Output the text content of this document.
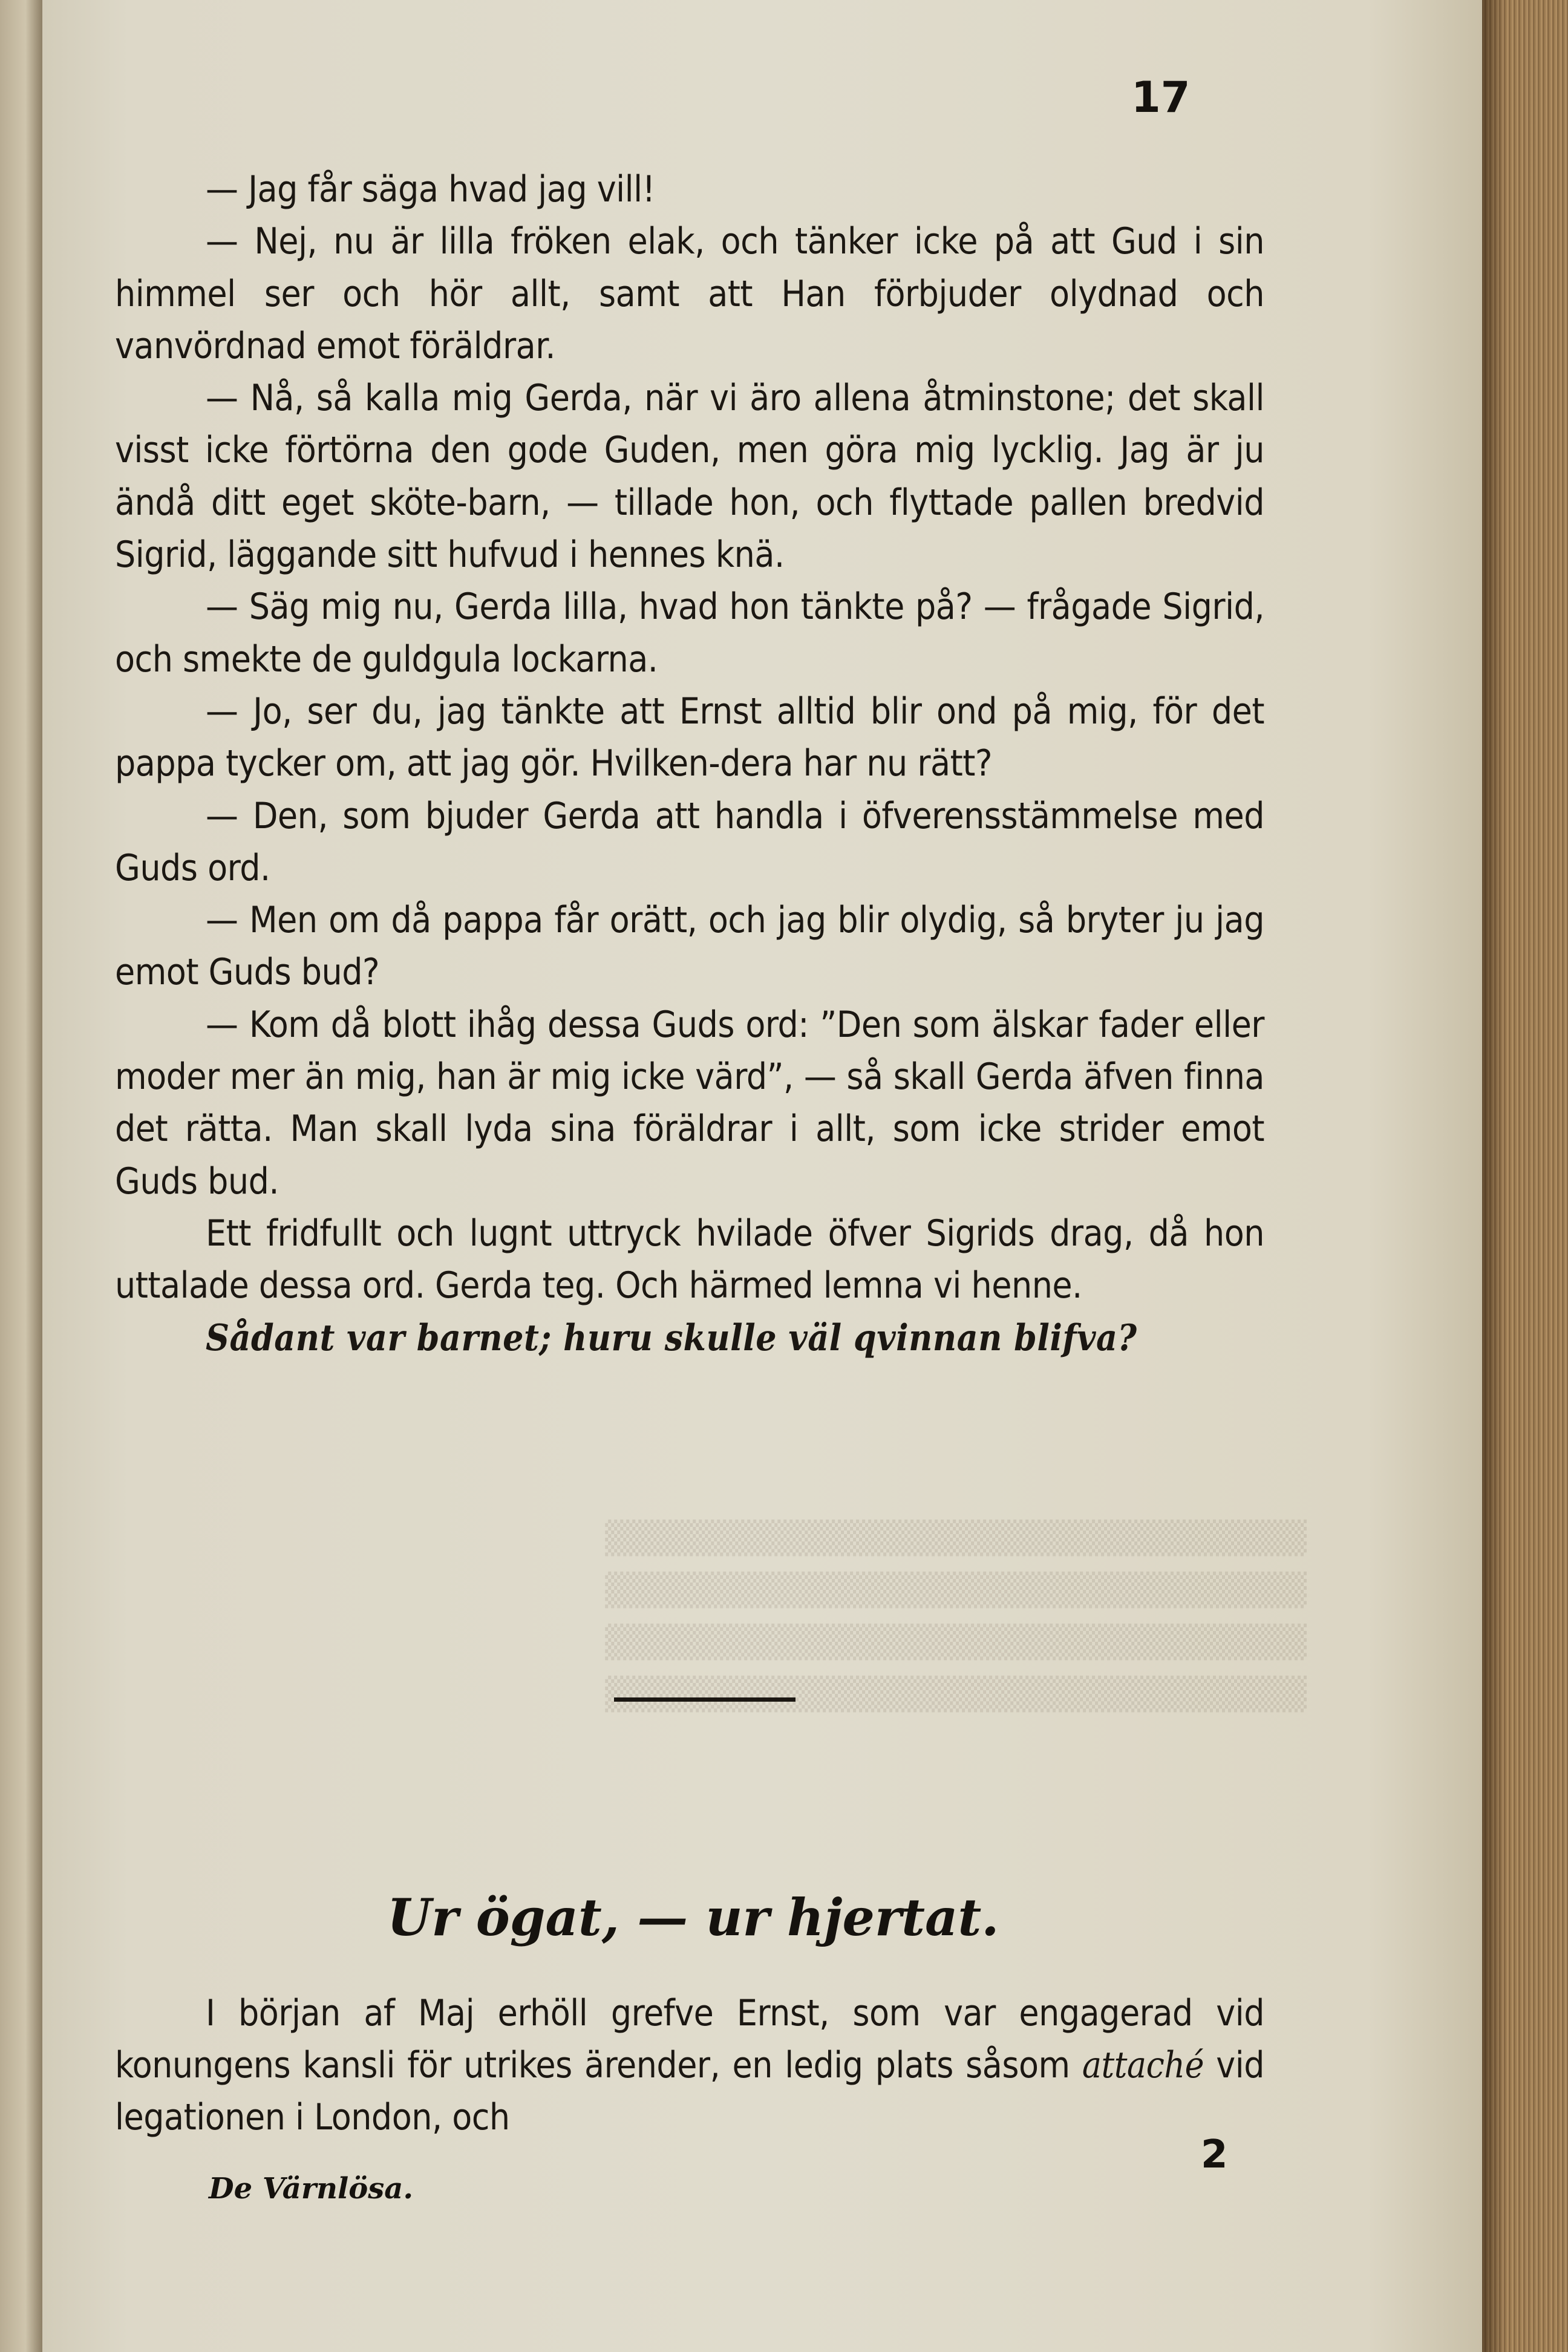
▒▒▒▒▒▒▒▒▒▒▒▒▒▒▒▒▒▒▒▒▒▒▒▒▒▒▒▒▒
▒▒▒▒▒▒▒▒▒▒▒▒▒▒▒▒▒▒▒▒▒▒▒▒▒▒▒▒▒
▒▒▒▒▒▒▒▒▒▒▒▒▒▒▒▒▒▒▒▒▒▒▒▒▒▒▒▒▒
▒▒▒▒▒▒▒▒▒▒▒▒▒▒▒▒▒▒▒▒▒▒▒▒▒▒▒▒▒
17

— Jag får säga hvad jag vill!

— Nej, nu är lilla fröken elak, och tänker icke på att Gud i sin himmel ser och hör allt, samt att Han förbjuder olydnad och vanvördnad emot föräldrar.

— Nå, så kalla mig Gerda, när vi äro allena åtminstone; det skall visst icke förtörna den gode Guden, men göra mig lycklig. Jag är ju ändå ditt eget sköte-barn, — tillade hon, och flyttade pallen bredvid Sigrid, läggande sitt hufvud i hennes knä.

— Säg mig nu, Gerda lilla, hvad hon tänkte på? — frågade Sigrid, och smekte de guldgula lockarna.

— Jo, ser du, jag tänkte att Ernst alltid blir ond på mig, för det pappa tycker om, att jag gör. Hvilken-dera har nu rätt?

— Den, som bjuder Gerda att handla i öfverensstämmelse med Guds ord.

— Men om då pappa får orätt, och jag blir olydig, så bryter ju jag emot Guds bud?

— Kom då blott ihåg dessa Guds ord: ”Den som älskar fader eller moder mer än mig, han är mig icke värd”, — så skall Gerda äfven finna det rätta. Man skall lyda sina föräldrar i allt, som icke strider emot Guds bud.

Ett fridfullt och lugnt uttryck hvilade öfver Sigrids drag, då hon uttalade dessa ord. Gerda teg. Och härmed lemna vi henne.

Sådant var barnet; huru skulle väl qvinnan blifva?

Ur ögat, — ur hjertat.

I början af Maj erhöll grefve Ernst, som var engagerad vid konungens kansli för utrikes ärender, en ledig plats såsom attaché vid legationen i London, och

De Värnlösa.
2
